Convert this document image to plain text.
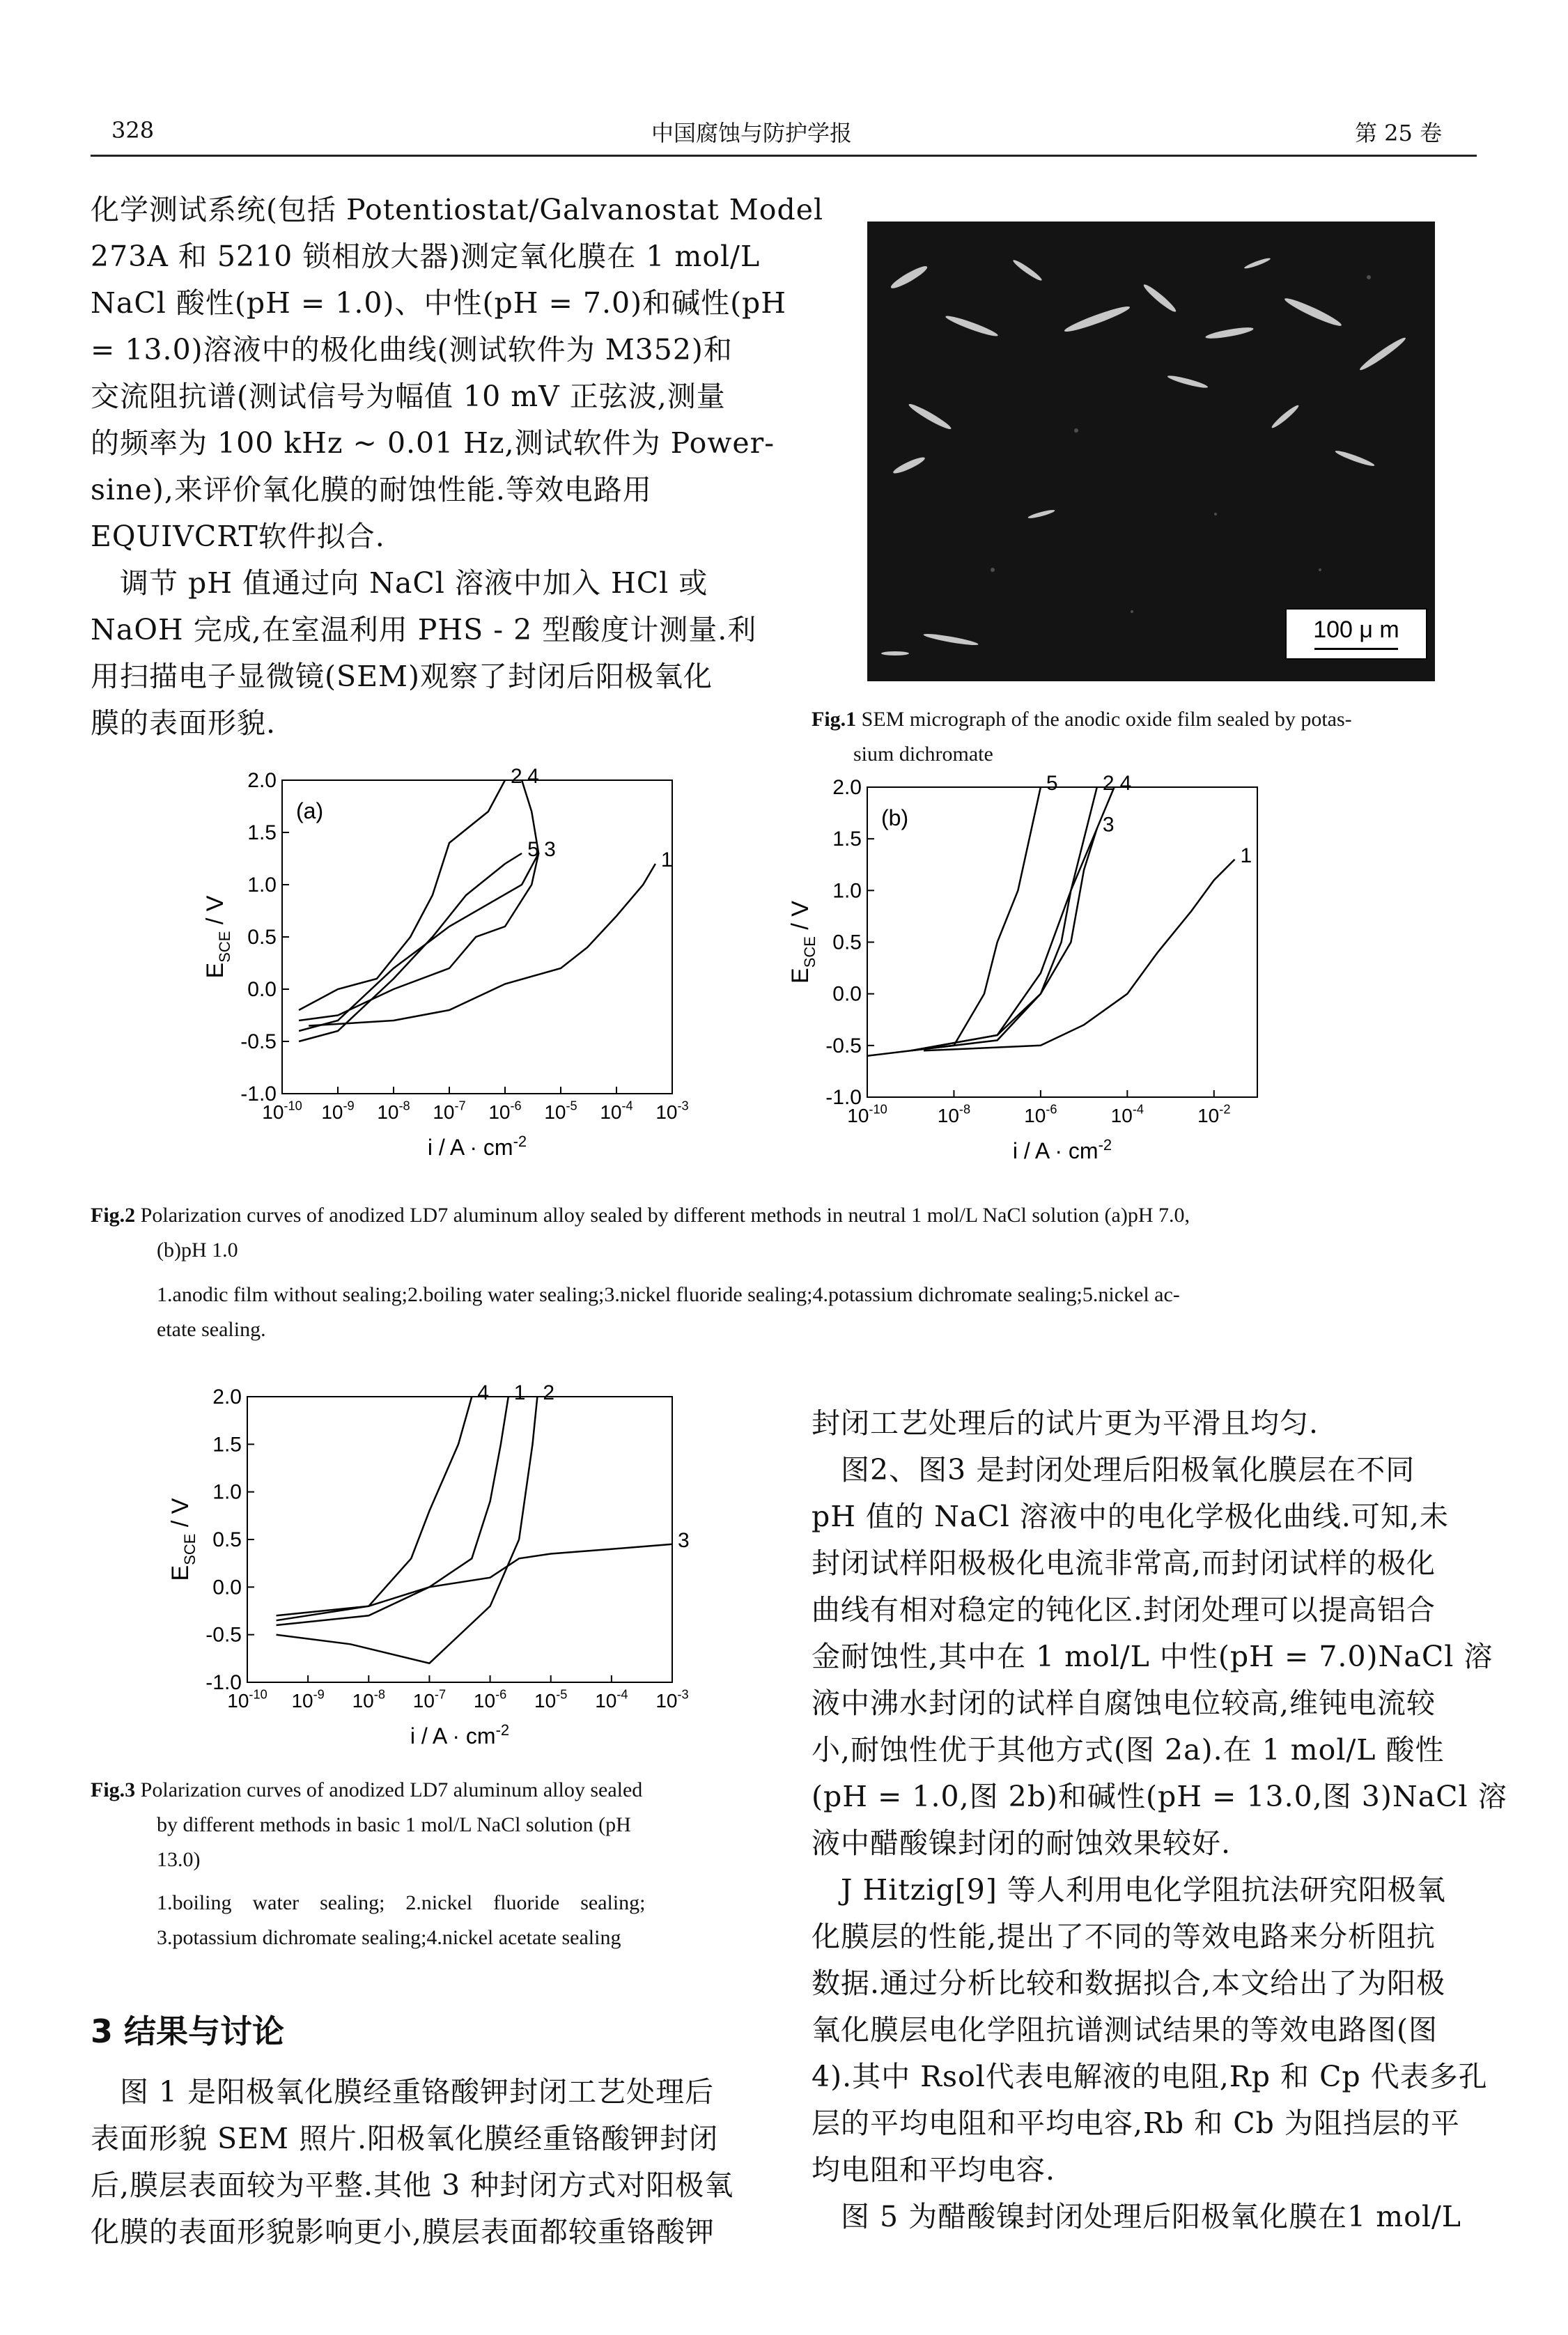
328	中国腐蚀与防护学报	第 25 卷
化学测试系统(包括 Potentiostat/Galvanostat Model
273A 和 5210 锁相放大器)测定氧化膜在 1 mol/L
NaCl 酸性(pH = 1.0)、中性(pH = 7.0)和碱性(pH
= 13.0)溶液中的极化曲线(测试软件为 M352)和
交流阻抗谱(测试信号为幅值 10 mV 正弦波,测量
的频率为 100 kHz ~ 0.01 Hz,测试软件为 Power-
sine),来评价氧化膜的耐蚀性能.等效电路用
EQUIVCRT软件拟合.
　调节 pH 值通过向 NaCl 溶液中加入 HCl 或
NaOH 完成,在室温利用 PHS - 2 型酸度计测量.利
用扫描电子显微镜(SEM)观察了封闭后阳极氧化
膜的表面形貌.
100 μ m
Fig.1 SEM micrograph of the anodic oxide film sealed by potas-
sium dichromate
2.0
1.5
1.0
0.5
0.0
-0.5
-1.0
$10^{-10}$ $10^{-9}$ $10^{-8}$ $10^{-7}$ $10^{-6}$ $10^{-5}$ $10^{-4}$ $10^{-3}$
$i / A \cdot cm^{-2}$
$E_{SCE}$ / V
(a)
1
2
3
4
5
2.0
1.5
1.0
0.5
0.0
-0.5
-1.0
$10^{-10}$	$10^{-8}$	$10^{-6}$	$10^{-4}$	$10^{-2}$
$i / A \cdot cm^{-2}$
$E_{SCE}$ / V
(b)
1
2
3
4
5
Fig.2 Polarization curves of anodized LD7 aluminum alloy sealed by different methods in neutral 1 mol/L NaCl solution (a)pH 7.0,
(b)pH 1.0
1.anodic film without sealing;2.boiling water sealing;3.nickel fluoride sealing;4.potassium dichromate sealing;5.nickel ac-
etate sealing.
2.0
1.5
1.0
0.5
0.0
-0.5
-1.0
$10^{-10}$ $10^{-9}$ $10^{-8}$ $10^{-7}$ $10^{-6}$ $10^{-5}$ $10^{-4}$ $10^{-3}$
$i / A \cdot cm^{-2}$
$E_{SCE}$ / V
1 2
3
4
Fig.3 Polarization curves of anodized LD7 aluminum alloy sealed
by different methods in basic 1 mol/L NaCl solution (pH
13.0)
1.boiling　water　sealing;　2.nickel　fluoride　sealing;
3.potassium dichromate sealing;4.nickel acetate sealing
3 结果与讨论
　图 1 是阳极氧化膜经重铬酸钾封闭工艺处理后
表面形貌 SEM 照片.阳极氧化膜经重铬酸钾封闭
后,膜层表面较为平整.其他 3 种封闭方式对阳极氧
化膜的表面形貌影响更小,膜层表面都较重铬酸钾
封闭工艺处理后的试片更为平滑且均匀.
　图2、图3 是封闭处理后阳极氧化膜层在不同
pH 值的 NaCl 溶液中的电化学极化曲线.可知,未
封闭试样阳极极化电流非常高,而封闭试样的极化
曲线有相对稳定的钝化区.封闭处理可以提高铝合
金耐蚀性,其中在 1 mol/L 中性(pH = 7.0)NaCl 溶
液中沸水封闭的试样自腐蚀电位较高,维钝电流较
小,耐蚀性优于其他方式(图 2a).在 1 mol/L 酸性
(pH = 1.0,图 2b)和碱性(pH = 13.0,图 3)NaCl 溶
液中醋酸镍封闭的耐蚀效果较好.
　J Hitzig[9] 等人利用电化学阻抗法研究阳极氧
化膜层的性能,提出了不同的等效电路来分析阻抗
数据.通过分析比较和数据拟合,本文给出了为阳极
氧化膜层电化学阻抗谱测试结果的等效电路图(图
4).其中 Rsol代表电解液的电阻,Rp 和 Cp 代表多孔
层的平均电阻和平均电容,Rb 和 Cb 为阻挡层的平
均电阻和平均电容.
　图 5 为醋酸镍封闭处理后阳极氧化膜在1 mol/L
